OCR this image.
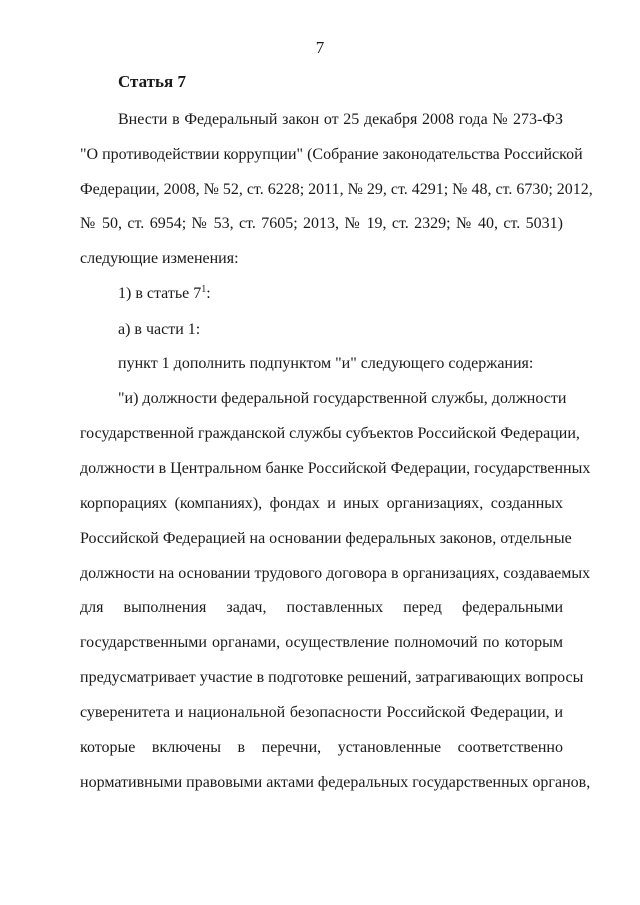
7
Статья 7
Внести в Федеральный закон от 25 декабря 2008 года № 273-ФЗ
"О противодействии коррупции" (Собрание законодательства Российской
Федерации, 2008, № 52, ст. 6228; 2011, № 29, ст. 4291; № 48, ст. 6730; 2012,
№ 50, ст. 6954; № 53, ст. 7605; 2013, № 19, ст. 2329; № 40, ст. 5031)
следующие изменения:
1) в статье $7^1$:
а) в части 1:
пункт 1 дополнить подпунктом "и" следующего содержания:
"и) должности федеральной государственной службы, должности
государственной гражданской службы субъектов Российской Федерации,
должности в Центральном банке Российской Федерации, государственных
корпорациях (компаниях), фондах и иных организациях, созданных
Российской Федерацией на основании федеральных законов, отдельные
должности на основании трудового договора в организациях, создаваемых
для выполнения задач, поставленных перед федеральными
государственными органами, осуществление полномочий по которым
предусматривает участие в подготовке решений, затрагивающих вопросы
суверенитета и национальной безопасности Российской Федерации, и
которые включены в перечни, установленные соответственно
нормативными правовыми актами федеральных государственных органов,
